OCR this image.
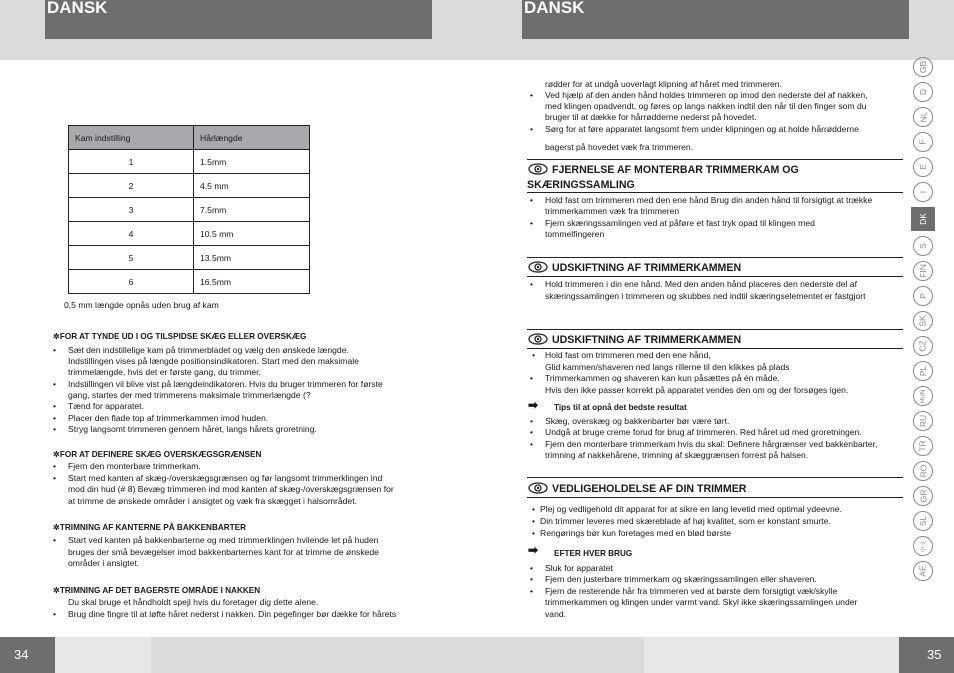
DANSK
Kam indstilling	Hårlængde
1	1.5mm
2	4.5 mm
3	7.5mm
4	10.5 mm
5	13.5mm
6	16.5mm
0,5 mm længde opnås uden brug af kam
✲FOR AT TYNDE UD I OG TILSPIDSE SKÆG ELLER OVERSKÆG
• Sæt den indstillelige kam på trimmerbladet og vælg den ønskede længde.
Indstillingen vises på længde positionsindikatoren. Start med den maksimale
trimmelængde, hvis det er første gang, du trimmer.
• Indstillingen vil blive vist på længdeindikatoren. Hvis du bruger trimmeren for første
gang, startes der med trimmerens maksimale trimmerlængde (?
• Tænd for apparatet.
• Placer den flade top af trimmerkammen imod huden.
• Stryg langsomt trimmeren gennem håret, langs hårets groretning.
✲FOR AT DEFINERE SKÆG OVERSKÆGSGRÆNSEN
• Fjern den monterbare trimmerkam.
• Start med kanten af skæg-/overskægsgrænsen og før langsomt trimmerklingen ind
mod din hud (# 8) Bevæg trimmeren ind mod kanten af skæg-/overskægsgrænsen for
at trimme de ønskede områder i ansigtet og væk fra skægget i halsområdet.
✲TRIMNING AF KANTERNE PÅ BAKKENBARTER
• Start ved kanten på bakkenbarterne og med trimmerklingen hvilende let på huden
bruges der små bevægelser imod bakkenbarternes kant for at trimme de ønskede
områder i ansigtet.
✲TRIMNING AF DET BAGERSTE OMRÅDE I NAKKEN
Du skal bruge et håndholdt spejl hvis du foretager dig dette alene.
• Brug dine fingre til at løfte håret nederst i nakken. Din pegefinger bør dække for hårets
34
DANSK
35
rødder for at undgå uoverlagt klipning af håret med trimmeren.
• Ved hjælp af den anden hånd holdes trimmeren op imod den nederste del af nakken,
med klingen opadvendt, og føres op langs nakken indtil den når til den finger som du
bruger til at dække for hårrødderne nederst på hovedet.
• Sørg for at føre apparatet langsomt frem under klipningen og at holde hårrødderne
bagerst på hovedet væk fra trimmeren.
FJERNELSE AF MONTERBAR TRIMMERKAM OG
SKÆRINGSSAMLING
• Hold fast om trimmeren med den ene hånd Brug din anden hånd til forsigtigt at trække
trimmerkammen væk fra trimmeren
• Fjern skæringssamlingen ved at påføre et fast tryk opad til klingen med
tommelfingeren
UDSKIFTNING AF TRIMMERKAMMEN
• Hold trimmeren i din ene hånd. Med den anden hånd placeres den nederste del af
skæringssamlingen i trimmeren og skubbes ned indtil skæringselementet er fastgjort
UDSKIFTNING AF TRIMMERKAMMEN
• Hold fast om trimmeren med den ene hånd,
Glid kammen/shaveren ned langs rillerne til den klikkes på plads
• Trimmerkammen og shaveren kan kun påsættes på én måde.
Hvis den ikke passer korrekt på apparatet vendes den om og der forsøges igen.
➡ Tips til at opnå det bedste resultat
• Skæg, overskæg og bakkenbarter bør være tørt.
• Undgå at bruge creme forud for brug af trimmeren. Red håret ud med groretningen.
• Fjern den monterbare trimmerkam hvis du skal: Definere hårgrænser ved bakkenbarter,
trimning af nakkehårene, trimning af skæggrænsen forrest på halsen.
VEDLIGEHOLDELSE AF DIN TRIMMER
• Plej og vedligehold dit apparat for at sikre en lang levetid med optimal ydeevne.
• Din trimmer leveres med skæreblade af høj kvalitet, som er konstant smurte.
• Rengørings bør kun foretages med en blød børste
➡ EFTER HVER BRUG
• Sluk for apparatet
• Fjern den justerbare trimmerkam og skæringssamlingen eller shaveren.
• Fjern de resterende hår fra trimmeren ved at børste dem forsigtigt væk/skylle
trimmerkammen og klingen under varmt vand. Skyl ikke skæringssamlingen under
vand.
GB
D
NL
F
E
I
DK
S
FIN
P
SK
CZ
PL
HUN
RU
TR
RO
GR
SL
中文
AE
